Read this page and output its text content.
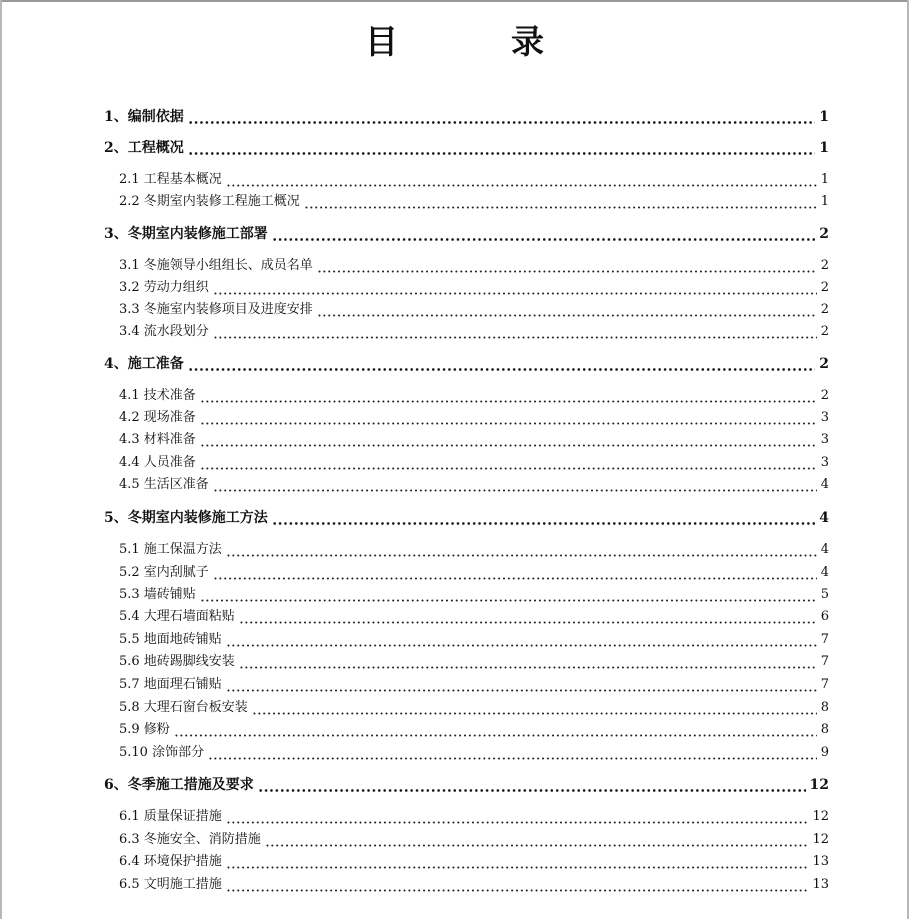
目　录
1、编制依据	1
2、工程概况	1
2.1 工程基本概况	1
2.2 冬期室内装修工程施工概况	1
3、冬期室内装修施工部署	2
3.1 冬施领导小组组长、成员名单	2
3.2 劳动力组织	2
3.3 冬施室内装修项目及进度安排	2
3.4 流水段划分	2
4、施工准备	2
4.1 技术准备	2
4.2 现场准备	3
4.3 材料准备	3
4.4 人员准备	3
4.5 生活区准备	4
5、冬期室内装修施工方法	4
5.1 施工保温方法	4
5.2 室内刮腻子	4
5.3 墙砖铺贴	5
5.4 大理石墙面粘贴	6
5.5 地面地砖铺贴	7
5.6 地砖踢脚线安装	7
5.7 地面理石铺贴	7
5.8 大理石窗台板安装	8
5.9 修粉	8
5.10 涂饰部分	9
6、冬季施工措施及要求	12
6.1 质量保证措施	12
6.3 冬施安全、消防措施	12
6.4 环境保护措施	13
6.5 文明施工措施	13
